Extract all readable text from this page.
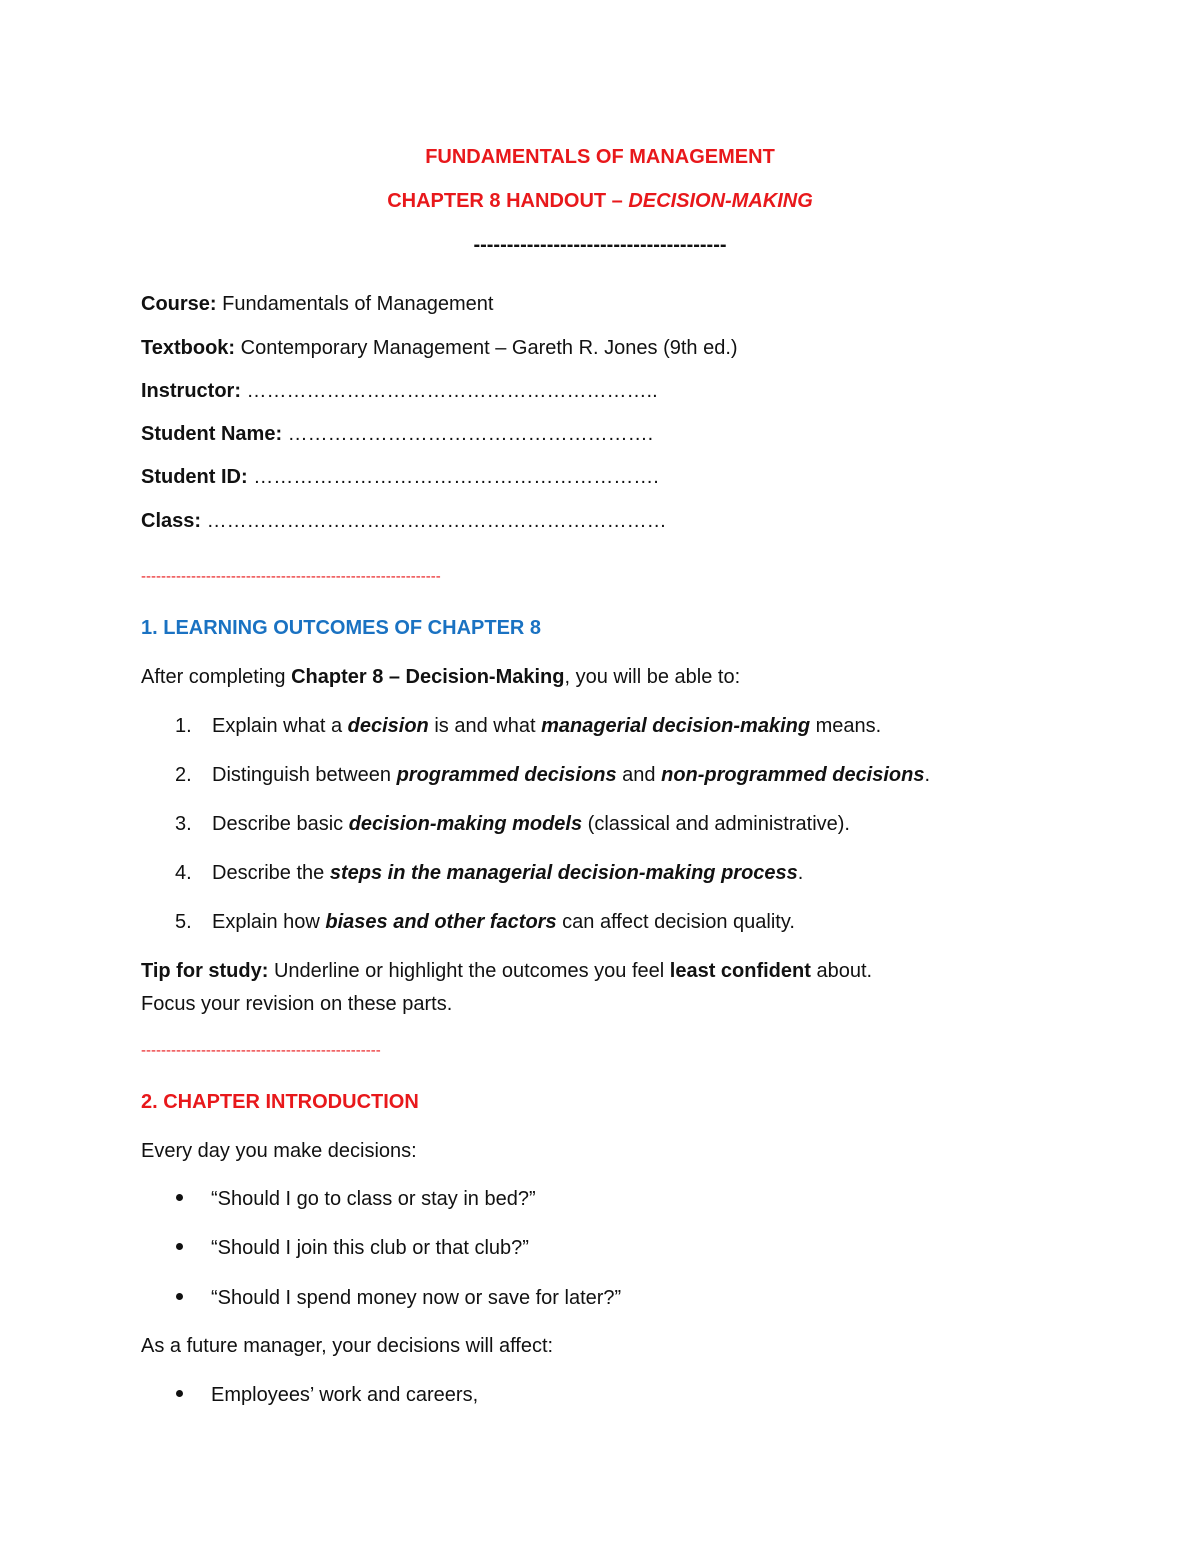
FUNDAMENTALS OF MANAGEMENT
CHAPTER 8 HANDOUT – DECISION-MAKING
--------------------------------------
Course: Fundamentals of Management
Textbook: Contemporary Management – Gareth R. Jones (9th ed.)
Instructor: ……………………………………………………..
Student Name: ……………………………………………….
Student ID: …………………………………………………….
Class: ……………………………………………………………
------------------------------------------------------------
1. LEARNING OUTCOMES OF CHAPTER 8
After completing Chapter 8 – Decision-Making, you will be able to:
1. Explain what a decision is and what managerial decision-making means.
2. Distinguish between programmed decisions and non-programmed decisions.
3. Describe basic decision-making models (classical and administrative).
4. Describe the steps in the managerial decision-making process.
5. Explain how biases and other factors can affect decision quality.
Tip for study: Underline or highlight the outcomes you feel least confident about.
Focus your revision on these parts.
------------------------------------------------
2. CHAPTER INTRODUCTION
Every day you make decisions:
“Should I go to class or stay in bed?”
“Should I join this club or that club?”
“Should I spend money now or save for later?”
As a future manager, your decisions will affect:
Employees’ work and careers,
